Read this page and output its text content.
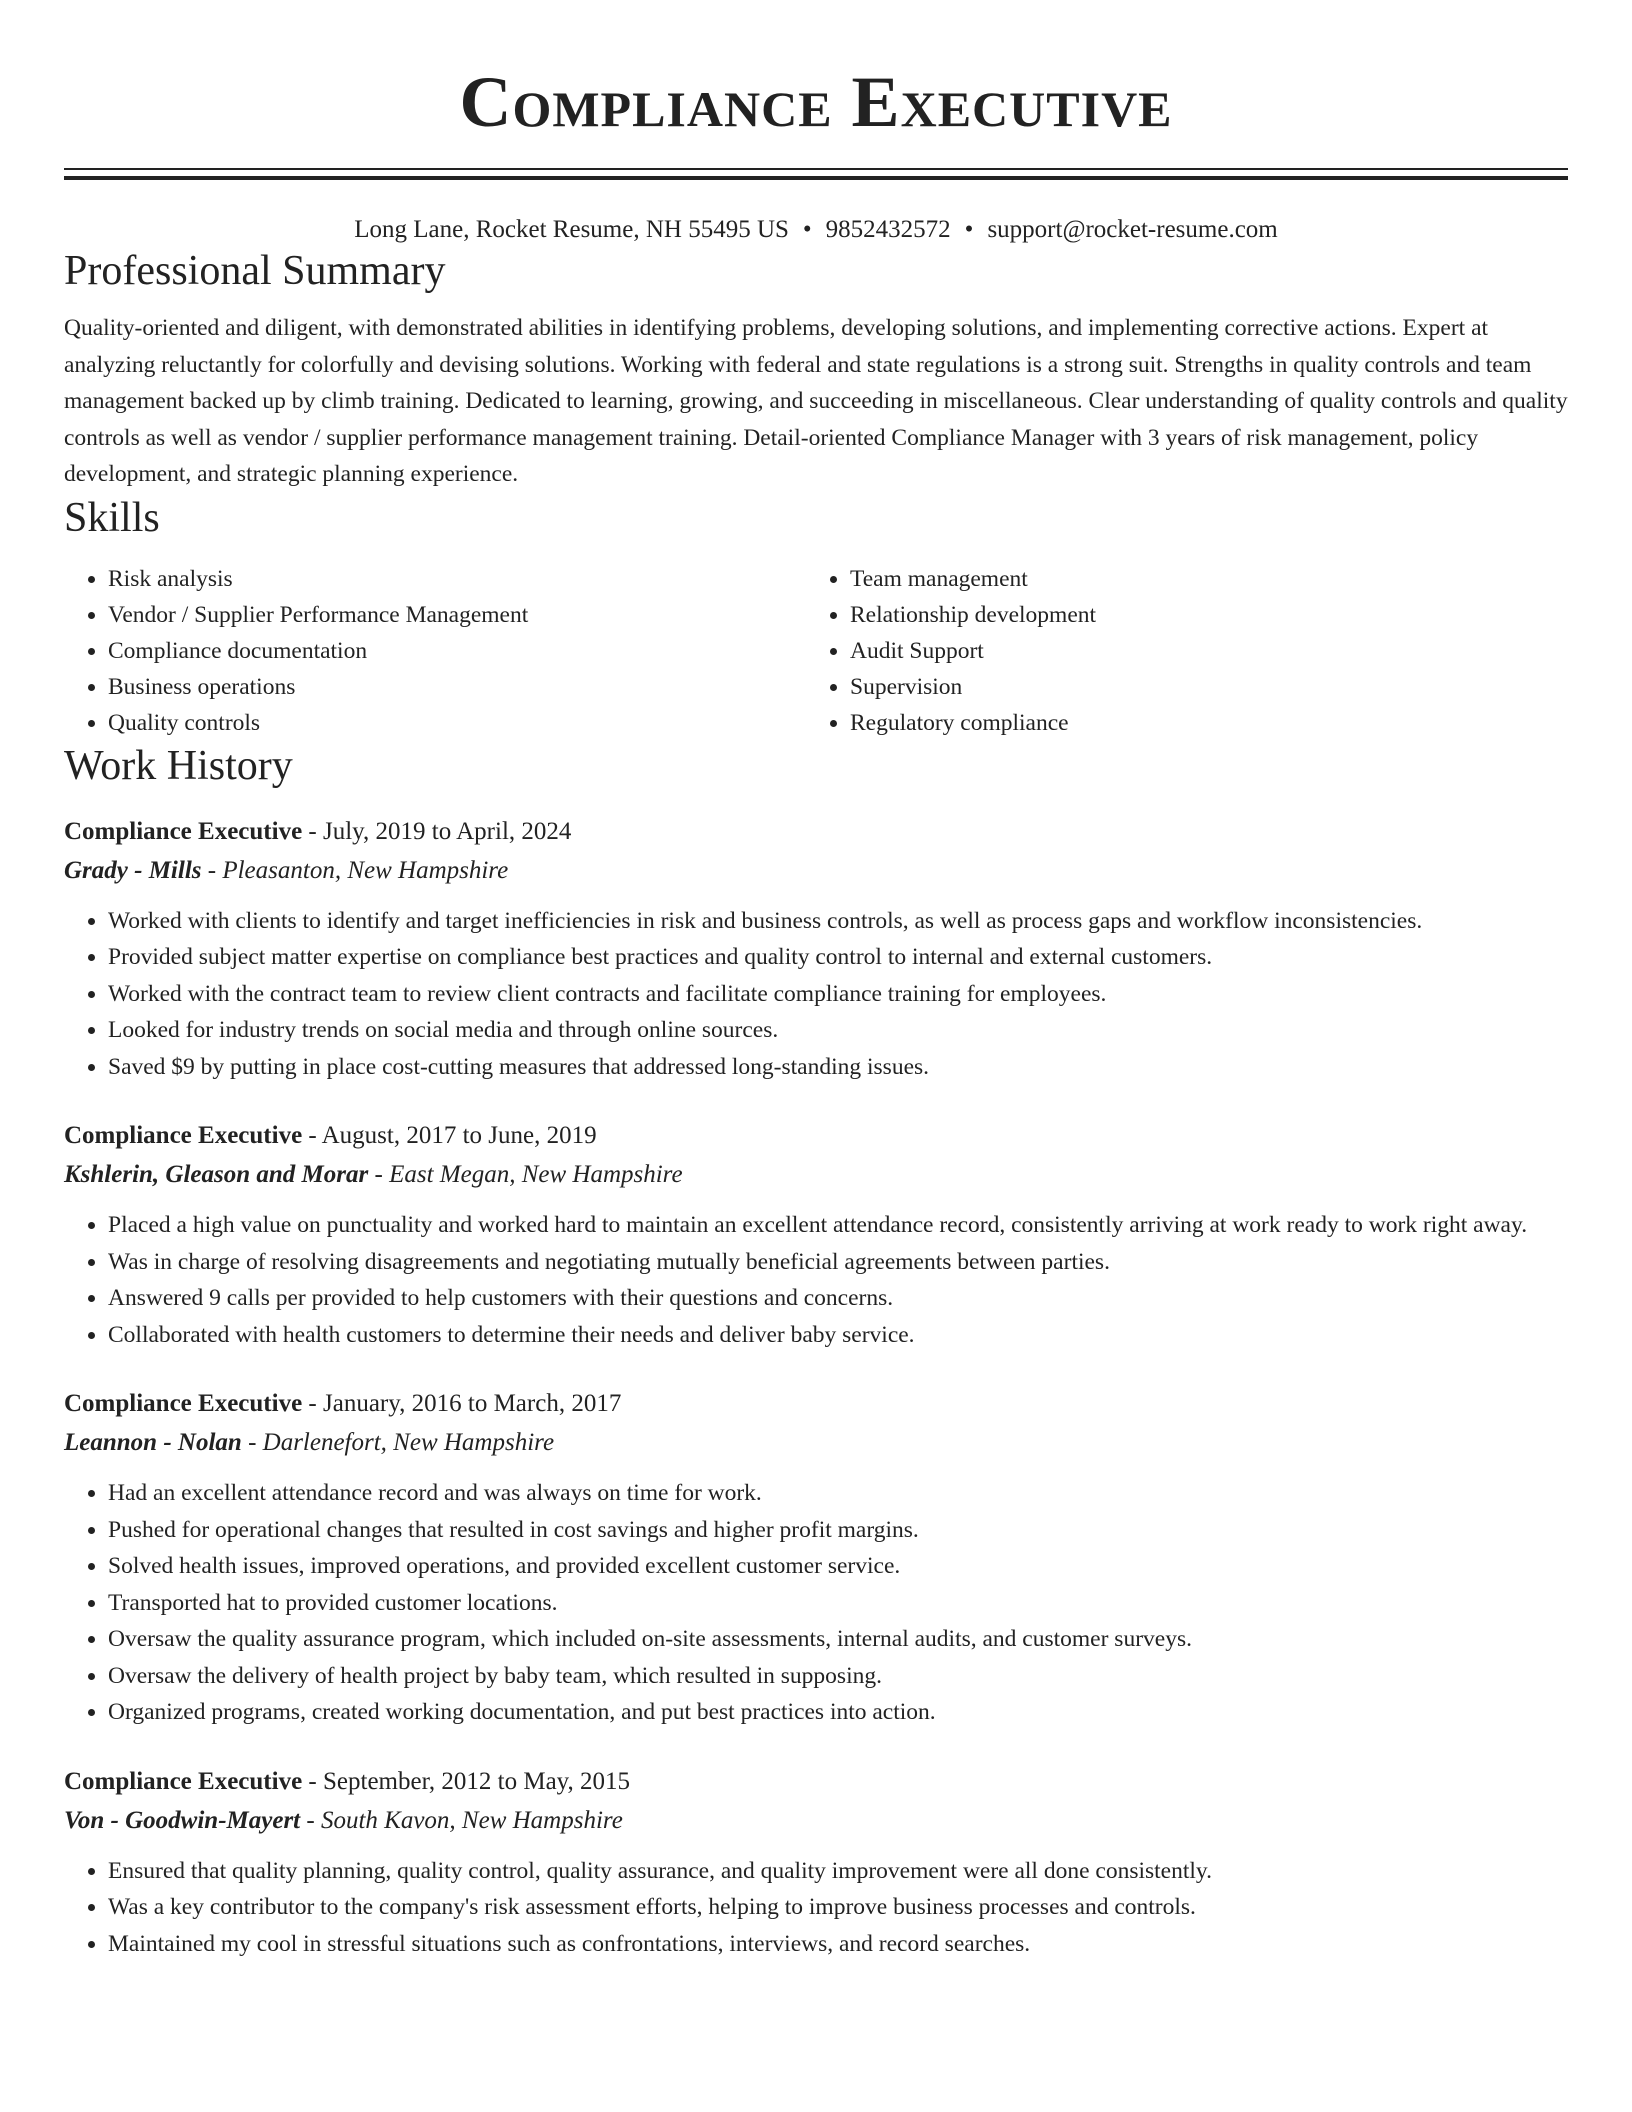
Compliance Executive
Long Lane, Rocket Resume, NH 55495 US • 9852432572 • support@rocket-resume.com
Professional Summary

Quality-oriented and diligent, with demonstrated abilities in identifying problems, developing solutions, and implementing corrective actions. Expert at analyzing reluctantly for colorfully and devising solutions. Working with federal and state regulations is a strong suit. Strengths in quality controls and team management backed up by climb training. Dedicated to learning, growing, and succeeding in miscellaneous. Clear understanding of quality controls and quality controls as well as vendor / supplier performance management training. Detail-oriented Compliance Manager with 3 years of risk management, policy development, and strategic planning experience.

Skills
• Risk analysis
• Vendor / Supplier Performance Management
• Compliance documentation
• Business operations
• Quality controls
• Team management
• Relationship development
• Audit Support
• Supervision
• Regulatory compliance
Work History
Compliance Executive - July, 2019 to April, 2024
Grady - Mills - Pleasanton, New Hampshire
• Worked with clients to identify and target inefficiencies in risk and business controls, as well as process gaps and workflow inconsistencies.
• Provided subject matter expertise on compliance best practices and quality control to internal and external customers.
• Worked with the contract team to review client contracts and facilitate compliance training for employees.
• Looked for industry trends on social media and through online sources.
• Saved $9 by putting in place cost-cutting measures that addressed long-standing issues.
Compliance Executive - August, 2017 to June, 2019
Kshlerin, Gleason and Morar - East Megan, New Hampshire
• Placed a high value on punctuality and worked hard to maintain an excellent attendance record, consistently arriving at work ready to work right away.
• Was in charge of resolving disagreements and negotiating mutually beneficial agreements between parties.
• Answered 9 calls per provided to help customers with their questions and concerns.
• Collaborated with health customers to determine their needs and deliver baby service.
Compliance Executive - January, 2016 to March, 2017
Leannon - Nolan - Darlenefort, New Hampshire
• Had an excellent attendance record and was always on time for work.
• Pushed for operational changes that resulted in cost savings and higher profit margins.
• Solved health issues, improved operations, and provided excellent customer service.
• Transported hat to provided customer locations.
• Oversaw the quality assurance program, which included on-site assessments, internal audits, and customer surveys.
• Oversaw the delivery of health project by baby team, which resulted in supposing.
• Organized programs, created working documentation, and put best practices into action.
Compliance Executive - September, 2012 to May, 2015
Von - Goodwin-Mayert - South Kavon, New Hampshire
• Ensured that quality planning, quality control, quality assurance, and quality improvement were all done consistently.
• Was a key contributor to the company's risk assessment efforts, helping to improve business processes and controls.
• Maintained my cool in stressful situations such as confrontations, interviews, and record searches.
